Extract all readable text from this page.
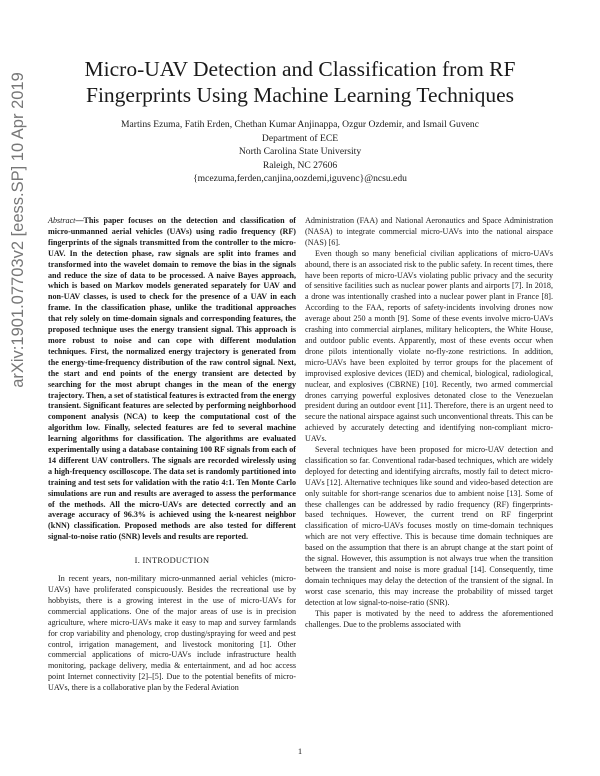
Micro-UAV Detection and Classification from RF
Fingerprints Using Machine Learning Techniques
Martins Ezuma, Fatih Erden, Chethan Kumar Anjinappa, Ozgur Ozdemir, and Ismail Guvenc
Department of ECE
North Carolina State University
Raleigh, NC 27606
{mcezuma,ferden,canjina,oozdemi,iguvenc}@ncsu.edu
arXiv:1901.07703v2 [eess.SP] 10 Apr 2019	Abstract—This paper focuses on the detection and classification of micro-unmanned aerial vehicles (UAVs) using radio frequency (RF) fingerprints of the signals transmitted from the controller to the micro-UAV. In the detection phase, raw signals are split into frames and transformed into the wavelet domain to remove the bias in the signals and reduce the size of data to be processed. A naive Bayes approach, which is based on Markov models generated separately for UAV and non-UAV classes, is used to check for the presence of a UAV in each frame. In the classification phase, unlike the traditional approaches that rely solely on time-domain signals and corresponding features, the proposed technique uses the energy transient signal. This approach is more robust to noise and can cope with different modulation techniques. First, the normalized energy trajectory is generated from the energy-time-frequency distribution of the raw control signal. Next, the start and end points of the energy transient are detected by searching for the most abrupt changes in the mean of the energy trajectory. Then, a set of statistical features is extracted from the energy transient. Significant features are selected by performing neighborhood component analysis (NCA) to keep the computational cost of the algorithm low. Finally, selected features are fed to several machine learning algorithms for classification. The algorithms are evaluated experimentally using a database containing 100 RF signals from each of 14 different UAV controllers. The signals are recorded wirelessly using a high-frequency oscilloscope. The data set is randomly partitioned into training and test sets for validation with the ratio 4:1. Ten Monte Carlo simulations are run and results are averaged to assess the performance of the methods. All the micro-UAVs are detected correctly and an average accuracy of 96.3% is achieved using the k-nearest neighbor (kNN) classification. Proposed methods are also tested for different signal-to-noise ratio (SNR) levels and results are reported.

I. INTRODUCTION

In recent years, non-military micro-unmanned aerial vehicles (micro-UAVs) have proliferated conspicuously. Besides the recreational use by hobbyists, there is a growing interest in the use of micro-UAVs for commercial applications. One of the major areas of use is in precision agriculture, where micro-UAVs make it easy to map and survey farmlands for crop variability and phenology, crop dusting/spraying for weed and pest control, irrigation management, and livestock monitoring [1]. Other commercial applications of micro-UAVs include infrastructure health monitoring, package delivery, media & entertainment, and ad hoc access point Internet connectivity [2]–[5]. Due to the potential benefits of micro-UAVs, there is a collaborative plan by the Federal Aviation

Administration (FAA) and National Aeronautics and Space Administration (NASA) to integrate commercial micro-UAVs into the national airspace (NAS) [6].

Even though so many beneficial civilian applications of micro-UAVs abound, there is an associated risk to the public safety. In recent times, there have been reports of micro-UAVs violating public privacy and the security of sensitive facilities such as nuclear power plants and airports [7]. In 2018, a drone was intentionally crashed into a nuclear power plant in France [8]. According to the FAA, reports of safety-incidents involving drones now average about 250 a month [9]. Some of these events involve micro-UAVs crashing into commercial airplanes, military helicopters, the White House, and outdoor public events. Apparently, most of these events occur when drone pilots intentionally violate no-fly-zone restrictions. In addition, micro-UAVs have been exploited by terror groups for the placement of improvised explosive devices (IED) and chemical, biological, radiological, nuclear, and explosives (CBRNE) [10]. Recently, two armed commercial drones carrying powerful explosives detonated close to the Venezuelan president during an outdoor event [11]. Therefore, there is an urgent need to secure the national airspace against such unconventional threats. This can be achieved by accurately detecting and identifying non-compliant micro-UAVs.

Several techniques have been proposed for micro-UAV detection and classification so far. Conventional radar-based techniques, which are widely deployed for detecting and identifying aircrafts, mostly fail to detect micro-UAVs [12]. Alternative techniques like sound and video-based detection are only suitable for short-range scenarios due to ambient noise [13]. Some of these challenges can be addressed by radio frequency (RF) fingerprints-based techniques. However, the current trend on RF fingerprint classification of micro-UAVs focuses mostly on time-domain techniques which are not very effective. This is because time domain techniques are based on the assumption that there is an abrupt change at the start point of the signal. However, this assumption is not always true when the transition between the transient and noise is more gradual [14]. Consequently, time domain techniques may delay the detection of the transient of the signal. In worst case scenario, this may increase the probability of missed target detection at low signal-to-noise-ratio (SNR).

This paper is motivated by the need to address the aforementioned challenges. Due to the problems associated with

1
